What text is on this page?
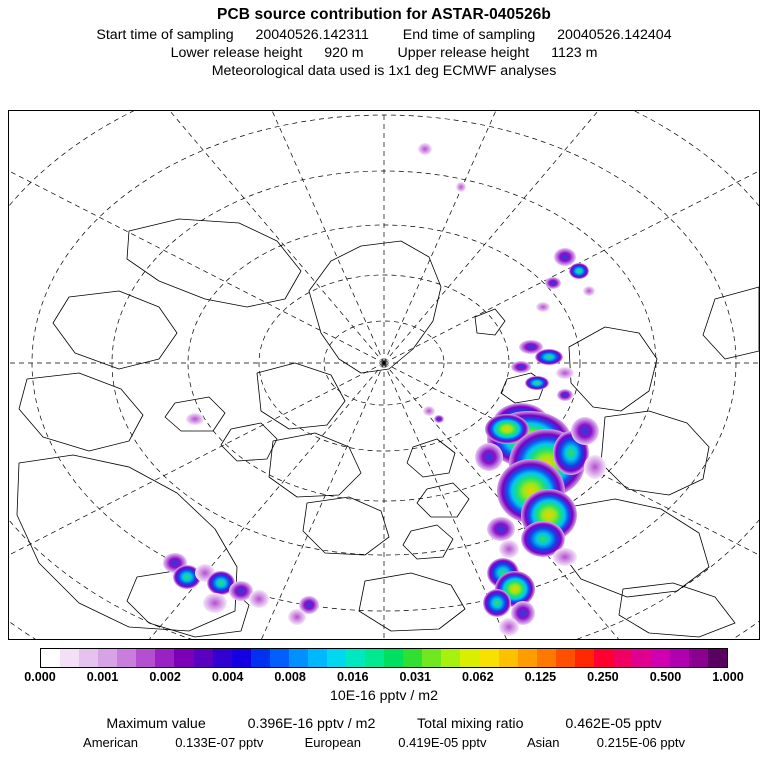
PCB source contribution for ASTAR-040526b
Start time of sampling 20040526.142311 End time of sampling 20040526.142404
Lower release height 920 m Upper release height 1123 m
Meteorological data used is 1x1 deg ECMWF analyses
0.000 0.001 0.002 0.004 0.008 0.016 0.031 0.062 0.125 0.250 0.500 1.000
10E-16 pptv / m2
Maximum value	0.396E-16 pptv / m2	Total mixing ratio	0.462E-05 pptv
American	0.133E-07 pptv	European	0.419E-05 pptv	Asian	0.215E-06 pptv
